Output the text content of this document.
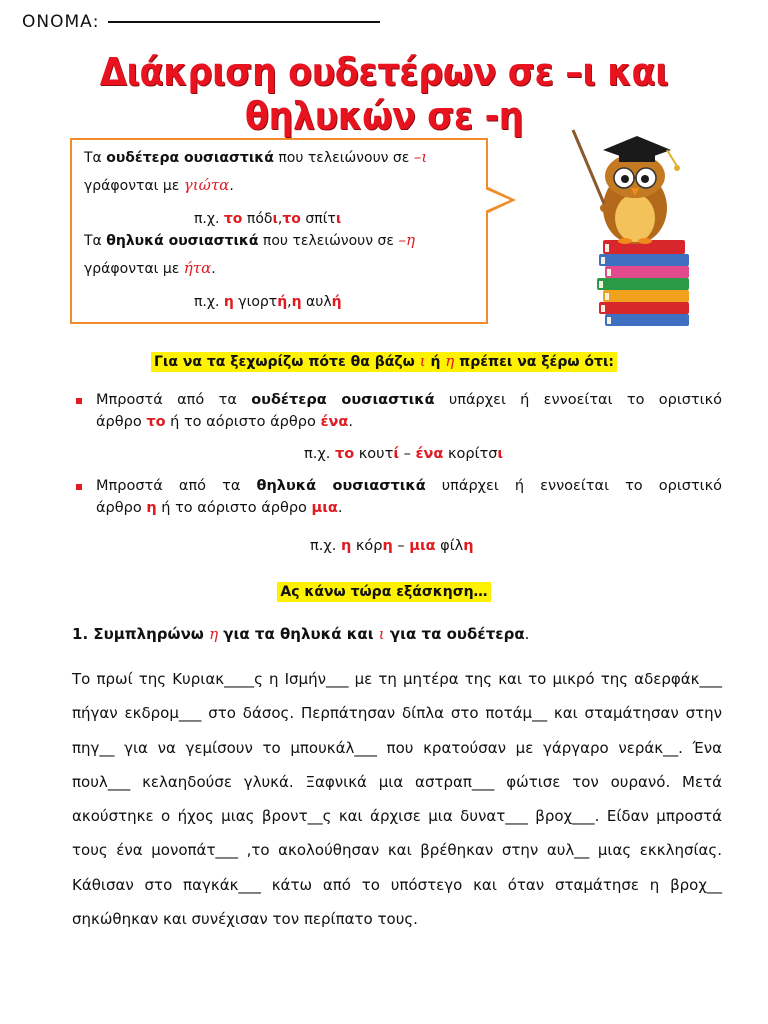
ΟΝΟΜΑ:
Διάκριση ουδετέρων σε –ι και θηλυκών σε -η
Τα ουδέτερα ουσιαστικά που τελειώνουν σε –ι
γράφονται με γιώτα.
π.χ. το πόδι,το σπίτι
Τα θηλυκά ουσιαστικά που τελειώνουν σε –η
γράφονται με ήτα.
π.χ. η γιορτή,η αυλή
Για να τα ξεχωρίζω πότε θα βάζω ι ή η πρέπει να ξέρω ότι:
Μπροστά από τα ουδέτερα ουσιαστικά υπάρχει ή εννοείται το οριστικό
άρθρο το ή το αόριστο άρθρο ένα.
π.χ. το κουτί – ένα κορίτσι
Μπροστά από τα θηλυκά ουσιαστικά υπάρχει ή εννοείται το οριστικό
άρθρο η ή το αόριστο άρθρο μια.
π.χ. η κόρη – μια φίλη
Ας κάνω τώρα εξάσκηση…
1. Συμπληρώνω η για τα θηλυκά και ι για τα ουδέτερα.
Το πρωί της Κυριακ____ς η Ισμήν___ με τη μητέρα της και το μικρό της αδερφάκ___ πήγαν εκδρομ___ στο δάσος. Περπάτησαν δίπλα στο ποτάμ__ και σταμάτησαν στην πηγ__ για να γεμίσουν το μπουκάλ___ που κρατούσαν με γάργαρο νεράκ__. Ένα πουλ___ κελαηδούσε γλυκά. Ξαφνικά μια αστραπ___ φώτισε τον ουρανό. Μετά ακούστηκε ο ήχος μιας βροντ__ς και άρχισε μια δυνατ___ βροχ___. Είδαν μπροστά τους ένα μονοπάτ___ ,το ακολούθησαν και βρέθηκαν στην αυλ__ μιας εκκλησίας. Κάθισαν στο παγκάκ___ κάτω από το υπόστεγο και όταν σταμάτησε η βροχ__ σηκώθηκαν και συνέχισαν τον περίπατο τους.
